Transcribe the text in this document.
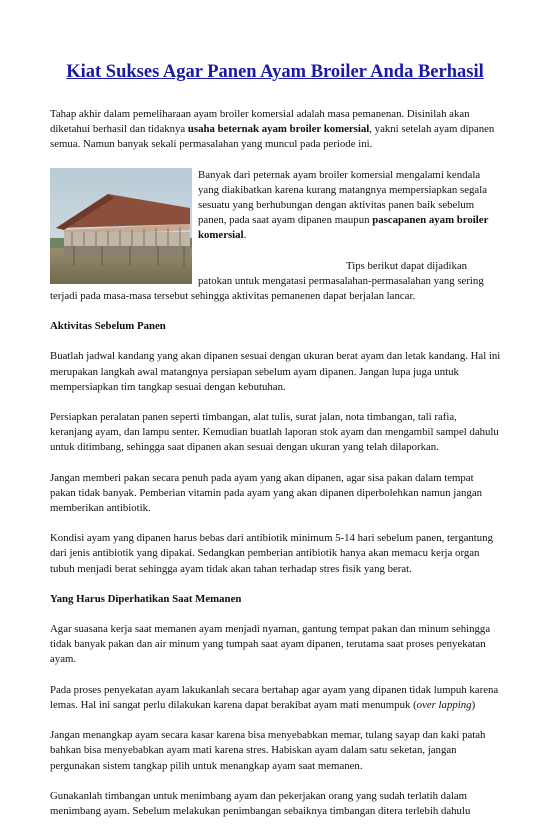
Kiat Sukses Agar Panen Ayam Broiler Anda Berhasil

Tahap akhir dalam pemeliharaan ayam broiler komersial adalah masa pemanenan. Disinilah akan diketahui berhasil dan tidaknya usaha beternak ayam broiler komersial, yakni setelah ayam dipanen semua. Namun banyak sekali permasalahan yang muncul pada periode ini.

Banyak dari peternak ayam broiler komersial mengalami kendala yang diakibatkan karena kurang matangnya mempersiapkan segala sesuatu yang berhubungan dengan aktivitas panen baik sebelum panen, pada saat ayam dipanen maupun pascapanen ayam broiler komersial.

Tips berikut dapat dijadikan patokan untuk mengatasi permasalahan-permasalahan yang sering terjadi pada masa-masa tersebut sehingga aktivitas pemanenen dapat berjalan lancar.

Aktivitas Sebelum Panen

Buatlah jadwal kandang yang akan dipanen sesuai dengan ukuran berat ayam dan letak kandang. Hal ini merupakan langkah awal matangnya persiapan sebelum ayam dipanen. Jangan lupa juga untuk mempersiapkan tim tangkap sesuai dengan kebutuhan.

Persiapkan peralatan panen seperti timbangan, alat tulis, surat jalan, nota timbangan, tali rafia, keranjang ayam, dan lampu senter. Kemudian buatlah laporan stok ayam dan mengambil sampel dahulu untuk ditimbang, sehingga saat dipanen akan sesuai dengan ukuran yang telah dilaporkan.

Jangan memberi pakan secara penuh pada ayam yang akan dipanen, agar sisa pakan dalam tempat pakan tidak banyak. Pemberian vitamin pada ayam yang akan dipanen diperbolehkan namun jangan memberikan antibiotik.

Kondisi ayam yang dipanen harus bebas dari antibiotik minimum 5-14 hari sebelum panen, tergantung dari jenis antibiotik yang dipakai. Sedangkan pemberian antibiotik hanya akan memacu kerja organ tubuh menjadi berat sehingga ayam tidak akan tahan terhadap stres fisik yang berat.

Yang Harus Diperhatikan Saat Memanen

Agar suasana kerja saat memanen ayam menjadi nyaman, gantung tempat pakan dan minum sehingga tidak banyak pakan dan air minum yang tumpah saat ayam dipanen, terutama saat proses penyekatan ayam.

Pada proses penyekatan ayam lakukanlah secara bertahap agar ayam yang dipanen tidak lumpuh karena lemas. Hal ini sangat perlu dilakukan karena dapat berakibat ayam mati menumpuk (over lapping)

Jangan menangkap ayam secara kasar karena bisa menyebabkan memar, tulang sayap dan kaki patah bahkan bisa menyebabkan ayam mati karena stres. Habiskan ayam dalam satu seketan, jangan pergunakan sistem tangkap pilih untuk menangkap ayam saat memanen.

Gunakanlah timbangan untuk menimbang ayam dan pekerjakan orang yang sudah terlatih dalam menimbang ayam. Sebelum melakukan penimbangan sebaiknya timbangan ditera terlebih dahulu
